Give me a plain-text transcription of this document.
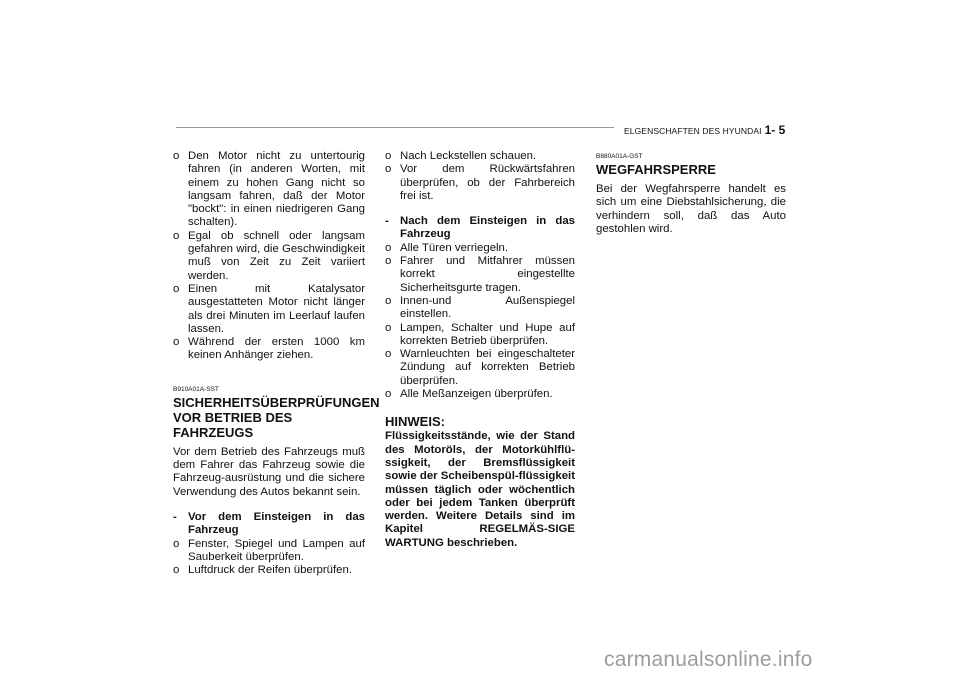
ELGENSCHAFTEN DES HYUNDAI 1- 5

o Den Motor nicht zu untertourig fahren (in anderen Worten, mit einem zu hohen Gang nicht so langsam fahren, daß der Motor "bockt": in einen niedrigeren Gang schalten).

o Egal ob schnell oder langsam gefahren wird, die Geschwindigkeit muß von Zeit zu Zeit variiert werden.

o Einen mit Katalysator ausgestatteten Motor nicht länger als drei Minuten im Leerlauf laufen lassen.

o Während der ersten 1000 km keinen Anhänger ziehen.

B910A01A-SST
SICHERHEITSÜBERPRÜFUNGEN VOR BETRIEB DES FAHRZEUGS

Vor dem Betrieb des Fahrzeugs muß dem Fahrer das Fahrzeug sowie die Fahrzeug-ausrüstung und die sichere Verwendung des Autos bekannt sein.

- Vor dem Einsteigen in das Fahrzeug

o Fenster, Spiegel und Lampen auf Sauberkeit überprüfen.

o Luftdruck der Reifen überprüfen.

o Nach Leckstellen schauen.

o Vor dem Rückwärtsfahren überprüfen, ob der Fahrbereich frei ist.

- Nach dem Einsteigen in das Fahrzeug

o Alle Türen verriegeln.

o Fahrer und Mitfahrer müssen korrekt eingestellte Sicherheitsgurte tragen.

o Innen-und Außenspiegel einstellen.

o Lampen, Schalter und Hupe auf korrekten Betrieb überprüfen.

o Warnleuchten bei eingeschalteter Zündung auf korrekten Betrieb überprüfen.

o Alle Meßanzeigen überprüfen.

HINWEIS:

Flüssigkeitsstände, wie der Stand des Motoröls, der Motorkühlflü-ssigkeit, der Bremsflüssigkeit sowie der Scheibenspül-flüssigkeit müssen täglich oder wöchentlich oder bei jedem Tanken überprüft werden. Weitere Details sind im Kapitel REGELMÄS-SIGE WARTUNG beschrieben.

B880A01A-GST
WEGFAHRSPERRE

Bei der Wegfahrsperre handelt es sich um eine Diebstahlsicherung, die verhindern soll, daß das Auto gestohlen wird.

carmanualsonline.info
